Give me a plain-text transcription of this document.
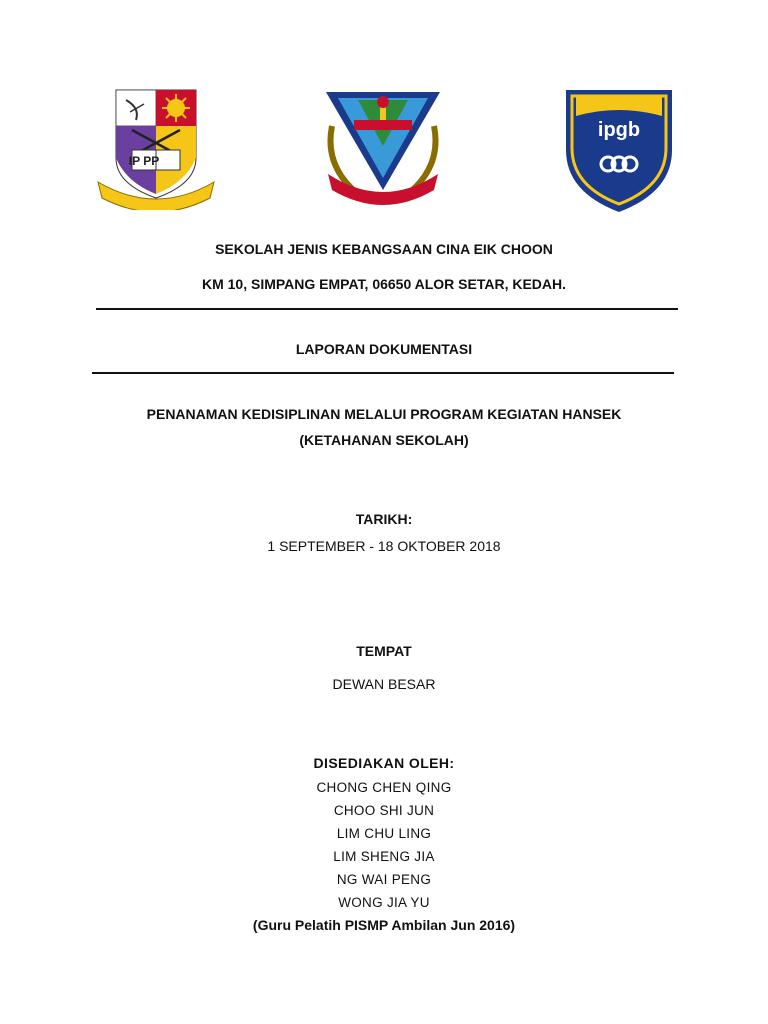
IP PP
ipgb
SEKOLAH JENIS KEBANGSAAN CINA EIK CHOON
KM 10, SIMPANG EMPAT, 06650 ALOR SETAR, KEDAH.
LAPORAN DOKUMENTASI
PENANAMAN KEDISIPLINAN MELALUI PROGRAM KEGIATAN HANSEK
(KETAHANAN SEKOLAH)
TARIKH:
1 SEPTEMBER - 18 OKTOBER 2018
TEMPAT
DEWAN BESAR
DISEDIAKAN OLEH:
CHONG CHEN QING
CHOO SHI JUN
LIM CHU LING
LIM SHENG JIA
NG WAI PENG
WONG JIA YU
(Guru Pelatih PISMP Ambilan Jun 2016)
